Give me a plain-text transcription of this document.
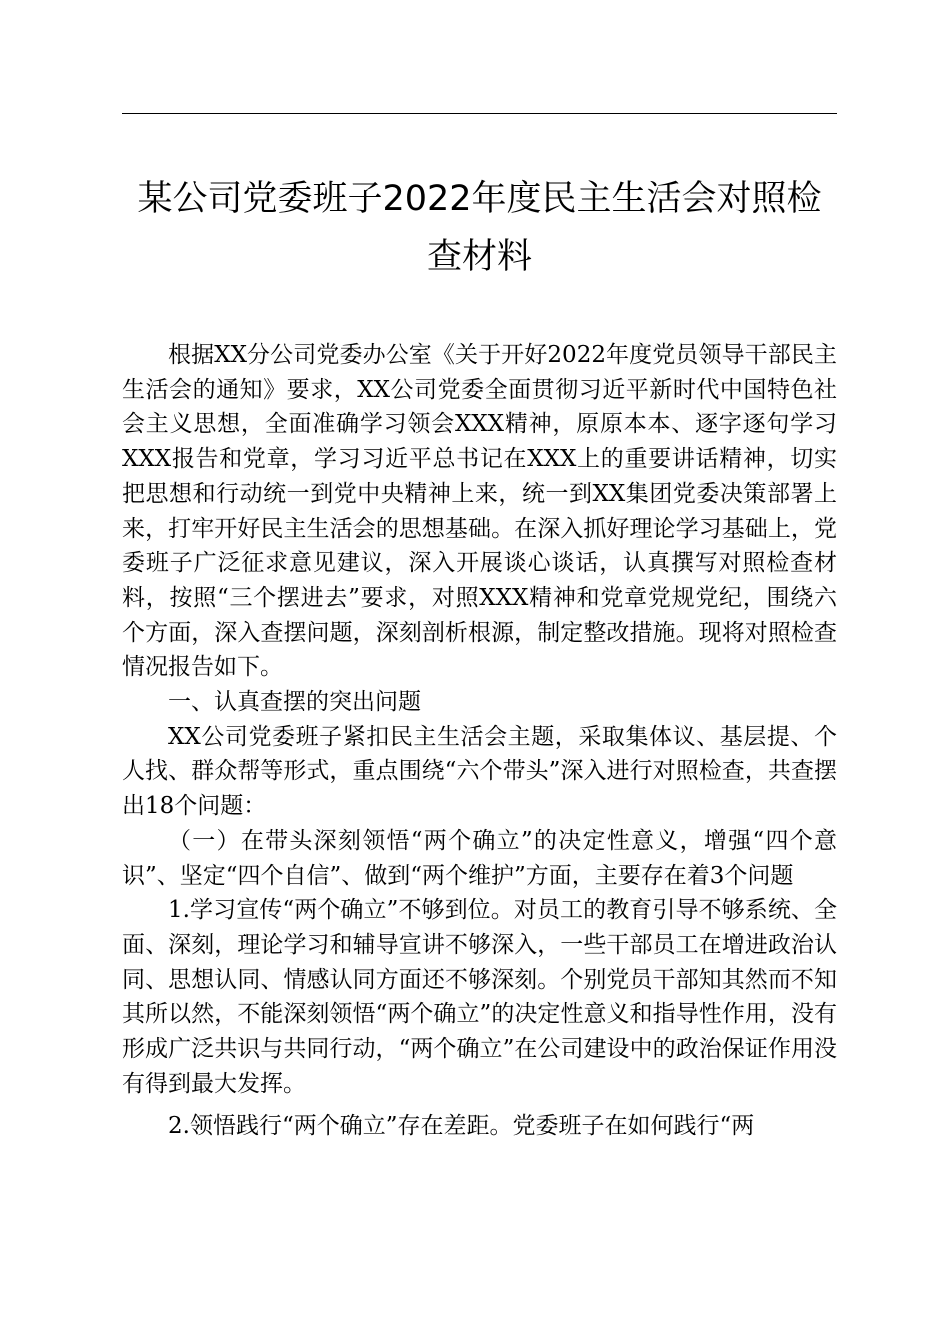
某公司党委班子2022年度民主生活会对照检
查材料

根据XX分公司党委办公室《关于开好2022年度党员领导干部民主生活会的通知》要求，XX公司党委全面贯彻习近平新时代中国特色社会主义思想，全面准确学习领会XXX精神，原原本本、逐字逐句学习XXX报告和党章，学习习近平总书记在XXX上的重要讲话精神，切实把思想和行动统一到党中央精神上来，统一到XX集团党委决策部署上来，打牢开好民主生活会的思想基础。在深入抓好理论学习基础上，党委班子广泛征求意见建议，深入开展谈心谈话，认真撰写对照检查材料，按照“三个摆进去”要求，对照XXX精神和党章党规党纪，围绕六个方面，深入查摆问题，深刻剖析根源，制定整改措施。现将对照检查情况报告如下。

一、认真查摆的突出问题

XX公司党委班子紧扣民主生活会主题，采取集体议、基层提、个人找、群众帮等形式，重点围绕“六个带头”深入进行对照检查，共查摆出18个问题：

（一）在带头深刻领悟“两个确立”的决定性意义，增强“四个意识”、坚定“四个自信”、做到“两个维护”方面，主要存在着3个问题

1.学习宣传“两个确立”不够到位。对员工的教育引导不够系统、全面、深刻，理论学习和辅导宣讲不够深入，一些干部员工在增进政治认同、思想认同、情感认同方面还不够深刻。个别党员干部知其然而不知其所以然，不能深刻领悟“两个确立”的决定性意义和指导性作用，没有形成广泛共识与共同行动，“两个确立”在公司建设中的政治保证作用没有得到最大发挥。

2.领悟践行“两个确立”存在差距。党委班子在如何践行“两
